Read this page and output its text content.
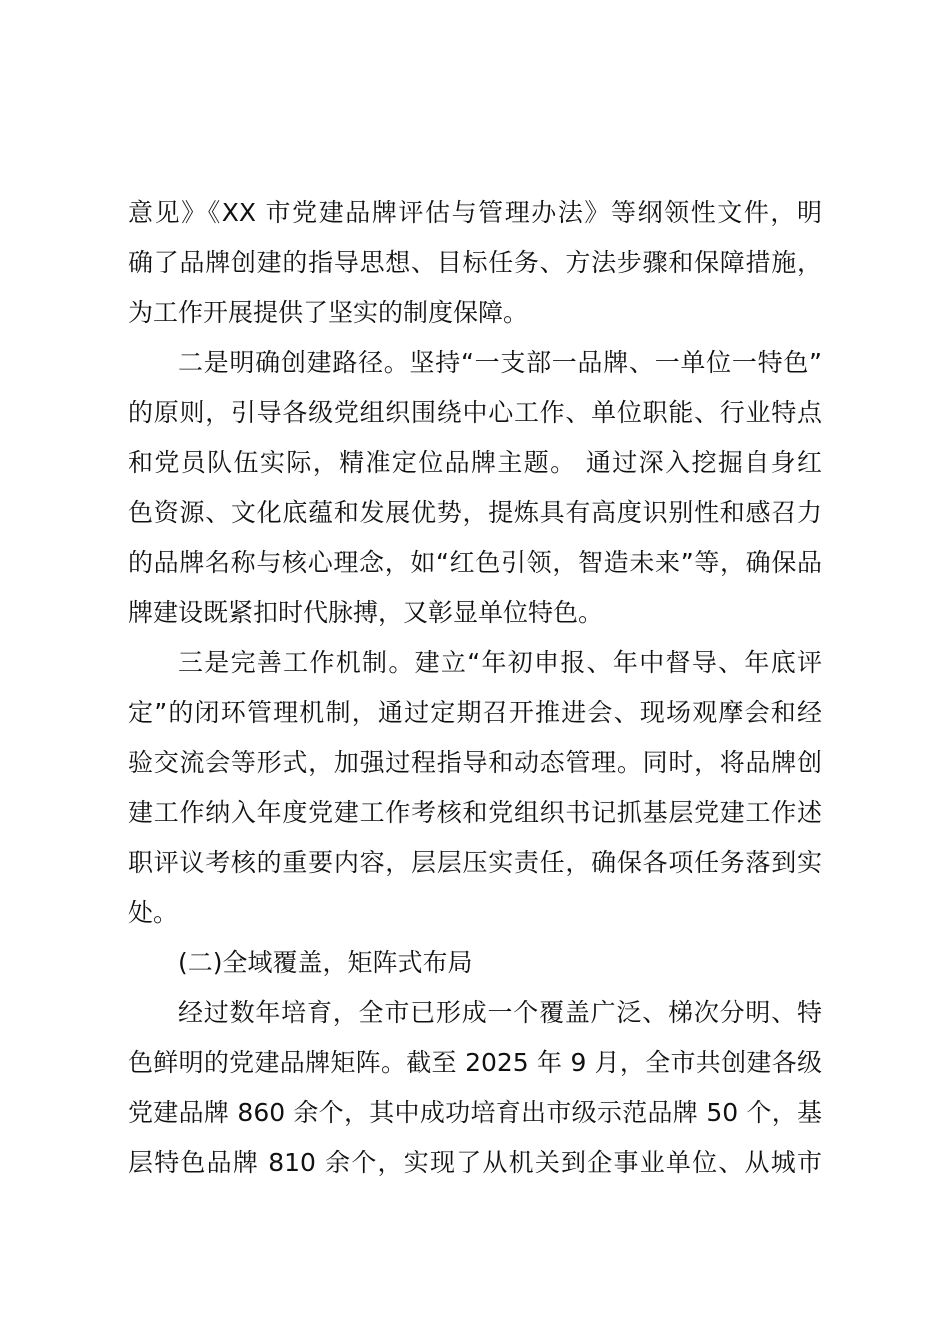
意见》《XX 市党建品牌评估与管理办法》等纲领性文件，明
确了品牌创建的指导思想、目标任务、方法步骤和保障措施，
为工作开展提供了坚实的制度保障。
二是明确创建路径。坚持“一支部一品牌、一单位一特色”
的原则，引导各级党组织围绕中心工作、单位职能、行业特点
和党员队伍实际，精准定位品牌主题。 通过深入挖掘自身红
色资源、文化底蕴和发展优势，提炼具有高度识别性和感召力
的品牌名称与核心理念，如“红色引领，智造未来”等，确保品
牌建设既紧扣时代脉搏，又彰显单位特色。
三是完善工作机制。建立“年初申报、年中督导、年底评
定”的闭环管理机制，通过定期召开推进会、现场观摩会和经
验交流会等形式，加强过程指导和动态管理。同时，将品牌创
建工作纳入年度党建工作考核和党组织书记抓基层党建工作述
职评议考核的重要内容，层层压实责任，确保各项任务落到实
处。
(二)全域覆盖，矩阵式布局
经过数年培育，全市已形成一个覆盖广泛、梯次分明、特
色鲜明的党建品牌矩阵。截至 2025 年 9 月，全市共创建各级
党建品牌 860 余个，其中成功培育出市级示范品牌 50 个，基
层特色品牌 810 余个，实现了从机关到企事业单位、从城市
